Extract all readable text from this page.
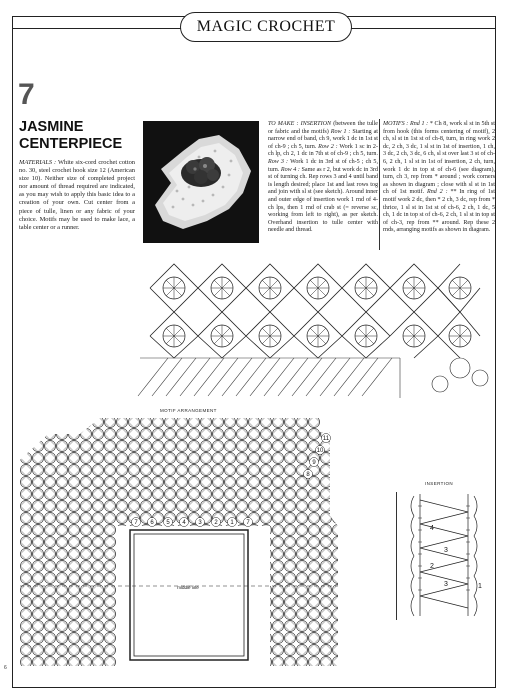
MAGIC CROCHET
7
JASMINE
CENTERPIECE
MATERIALS : White six-cord crochet cotton no. 30, steel crochet hook size 12 (American size 10). Neither size of completed project nor amount of thread required are indicated, as you may wish to apply this basic idea to a creation of your own. Cut center from a piece of tulle, linen or any fabric of your choice. Motifs may be used to make lace, a table center or a runner.
TO MAKE : INSERTION (between the tulle or fabric and the motifs) Row 1 : Starting at narrow end of band, ch 9, work 1 dc in 1st st of ch-9 ; ch 5, turn. Row 2 : Work 1 sc in 2-ch lp, ch 2, 1 dc in 7th st of ch-9 ; ch 5, turn. Row 3 : Work 1 dc in 3rd st of ch-5 ; ch 5, turn. Row 4 : Same as r 2, but work dc in 3rd st of turning ch. Rep rows 3 and 4 until band is length desired; place 1st and last rows tog and join with sl st (see sketch). Around inner and outer edge of insertion work 1 rnd of 4-ch lps, then 1 rnd of crab st (= reverse sc, working from left to right), as per sketch. Overhand insertion to tulle center with needle and thread.
MOTIFS : Rnd 1 : * Ch 8, work sl st in 5th st from hook (this forms centering of motif), 2 ch, sl st in 1st st of ch-8, turn, in ring work 2 dc, 2 ch, 3 dc, 1 sl st in 1st of insertion, 1 ch, 3 dc, 2 ch, 3 dc, 6 ch, sl st over last 3 st of ch-6, 2 ch, 1 sl st in 1st of insertion, 2 ch, turn, work 1 dc in top st of ch-6 (see diagram), turn, ch 3, rep from * around ; work corners as shown in diagram ; close with sl st in 1st ch of 1st motif. Rnd 2 : ** In ring of 1st motif work 2 dc, then * 2 ch, 3 dc, rep from * thrice, 1 sl st in 1st st of ch-6, 2 ch, 1 dc, 5 ch, 1 dc in top st of ch-6, 2 ch, 1 sl st in top st of ch-3, rep from ** around. Rep these 2 rnds, arranging motifs as shown in diagram.
MOTIF ARRANGEMENT
7 6 5 4 3 2 1 7
11
10
9
8
middle line
INSERTION
4
3
2
3	1
6
